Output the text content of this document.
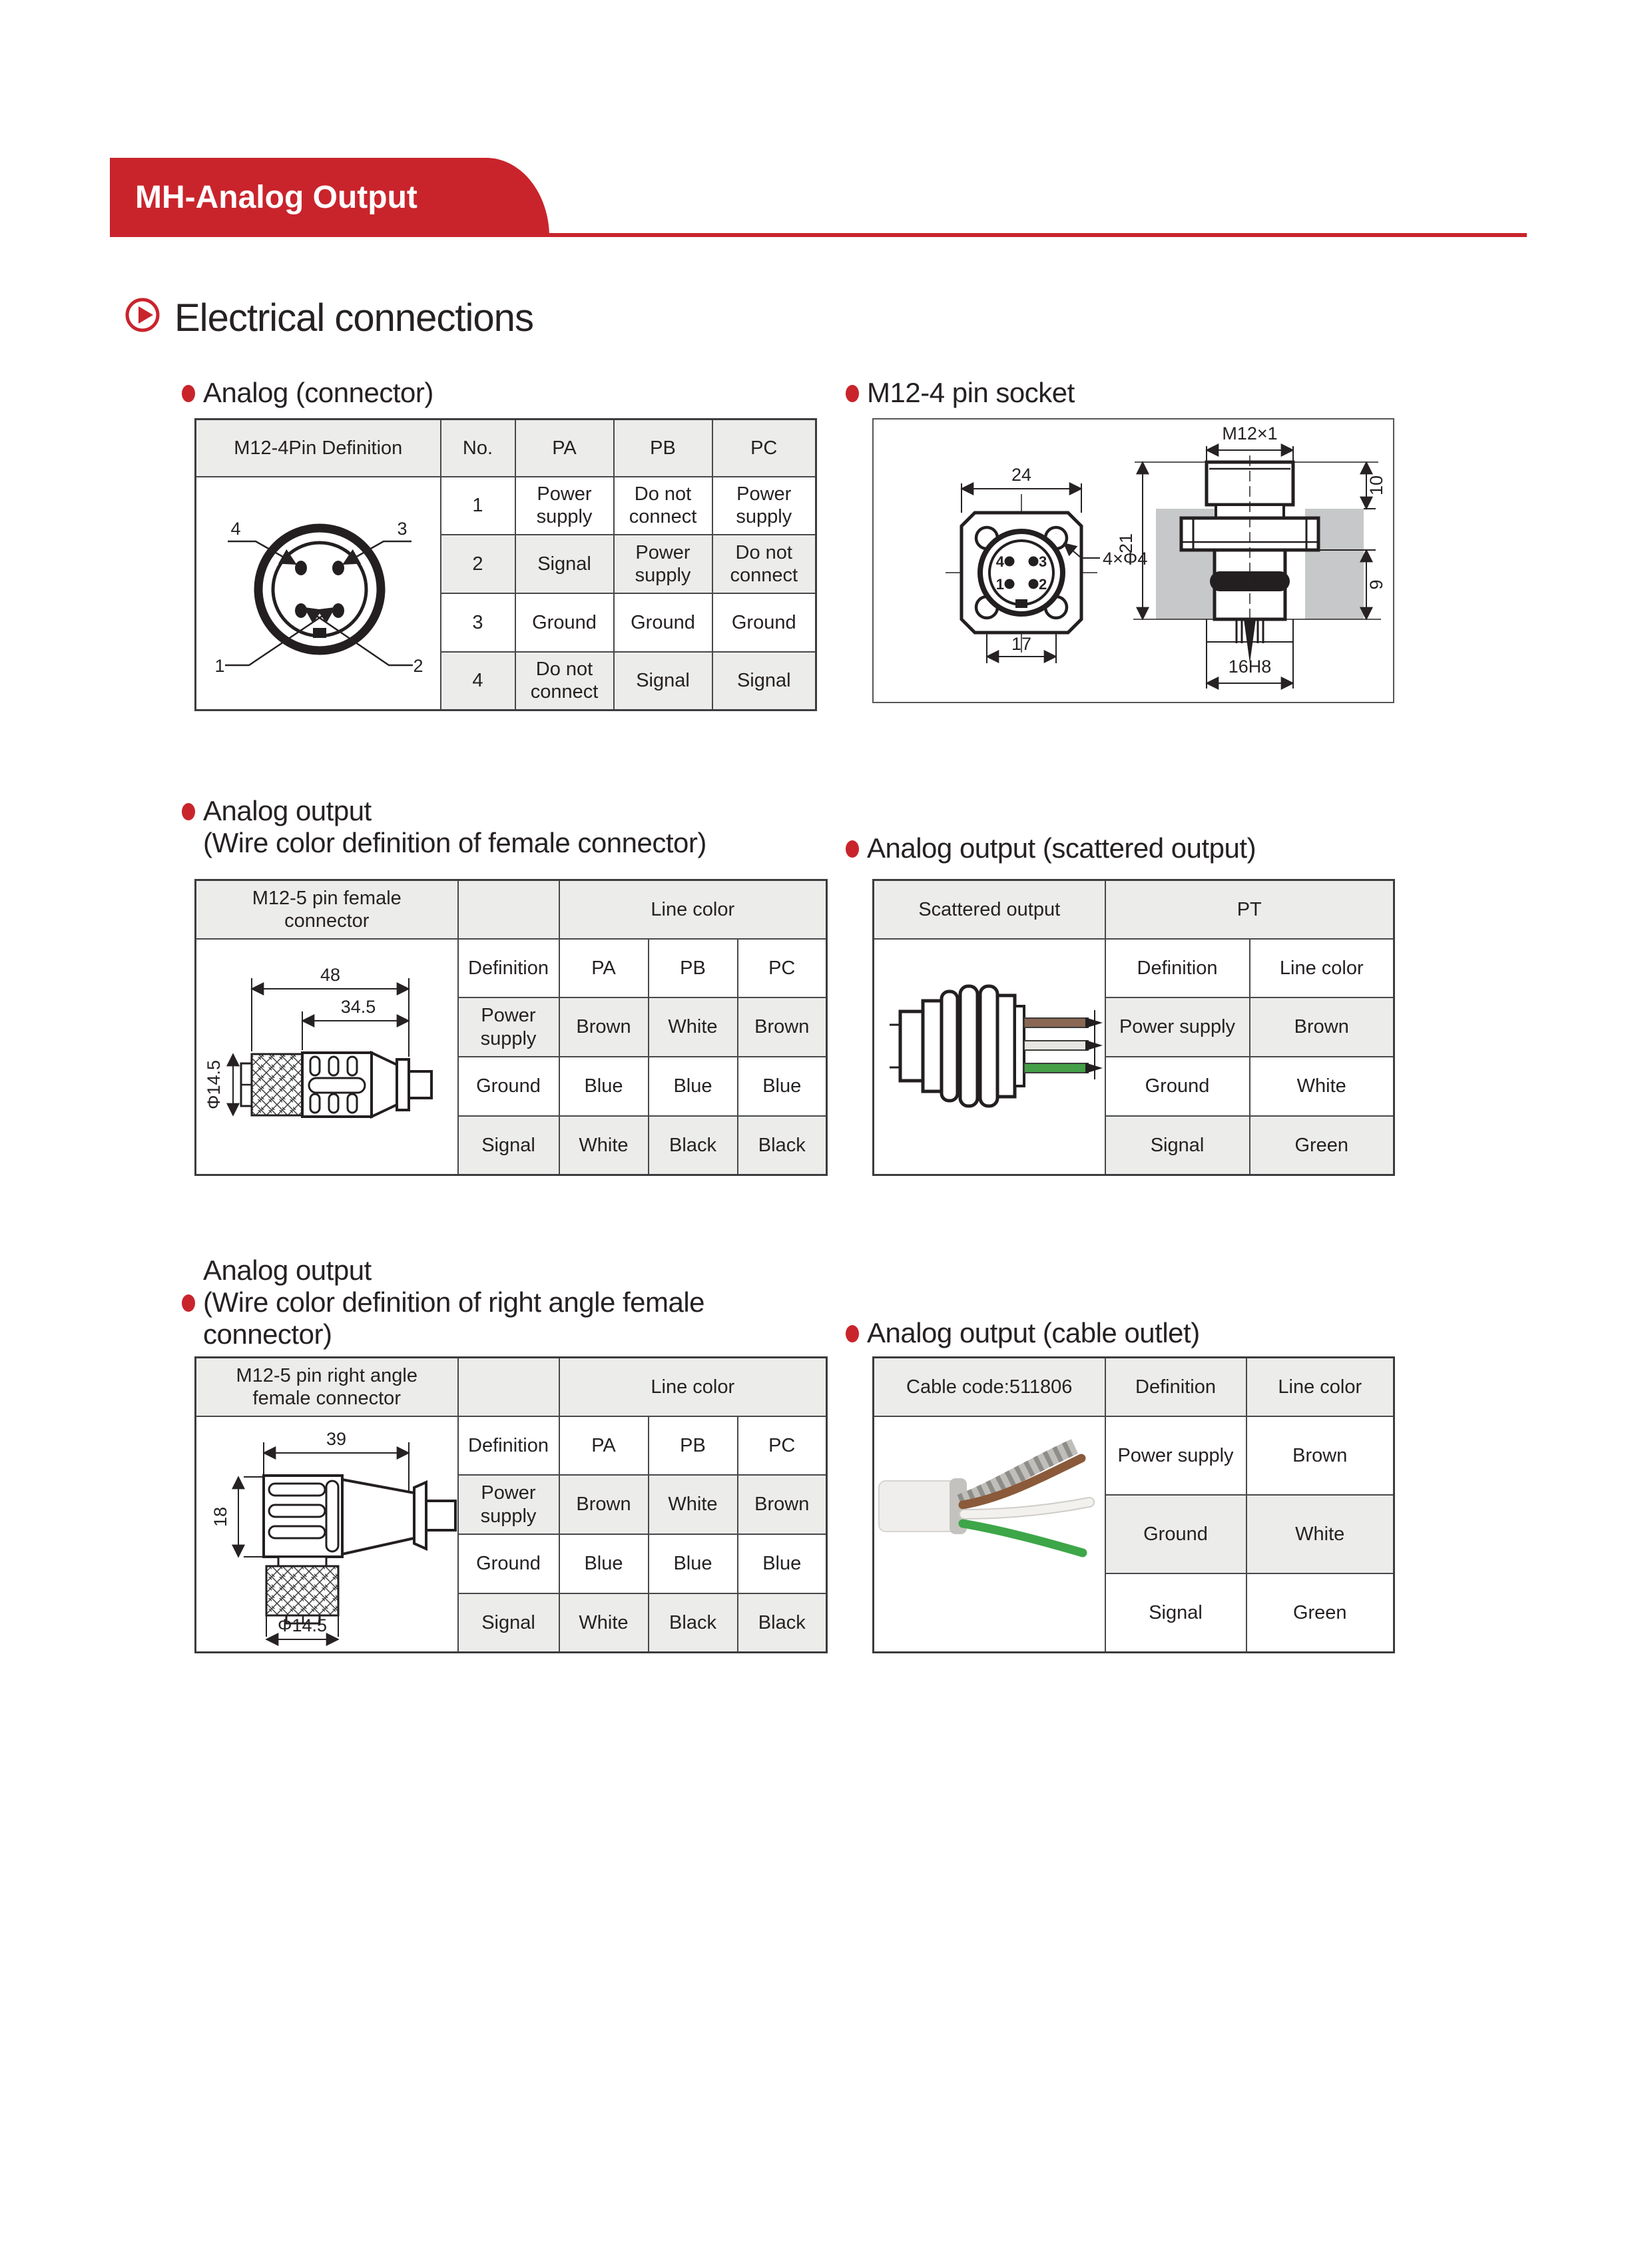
MH-Analog Output
Electrical connections
Analog (connector)
M12-4Pin Definition	No.	PA	PB	PC

4 3
1 2	1	Power supply	Do not connect	Power supply
	2	Signal	Power supply	Do not connect
	3	Ground	Ground	Ground
	4	Do not connect	Signal	Signal
M12-4 pin socket
24
4 3
1 2
17
4×Φ4
M12×1
21
10
9
16H8
Analog output
(Wire color definition of female connector)
M12-5 pin female
connector		Line color		

48
34.5
Φ14.5	Definition	PA	PB	PC
	Power supply	Brown	White	Brown
	Ground	Blue	Blue	Blue
	Signal	White	Black	Black
Analog output (scattered output)
Scattered output	PT	
	Definition	Line color
	Power supply	Brown
	Ground	White
	Signal	Green
Analog output
(Wire color definition of right angle female
connector)
M12-5 pin right angle
female connector		Line color		

39
18
Φ14.5	Definition	PA	PB	PC
	Power supply	Brown	White	Brown
	Ground	Blue	Blue	Blue
	Signal	White	Black	Black
Analog output (cable outlet)
Cable code:511806	Definition	Line color
	Power supply	Brown
	Ground	White
	Signal	Green
